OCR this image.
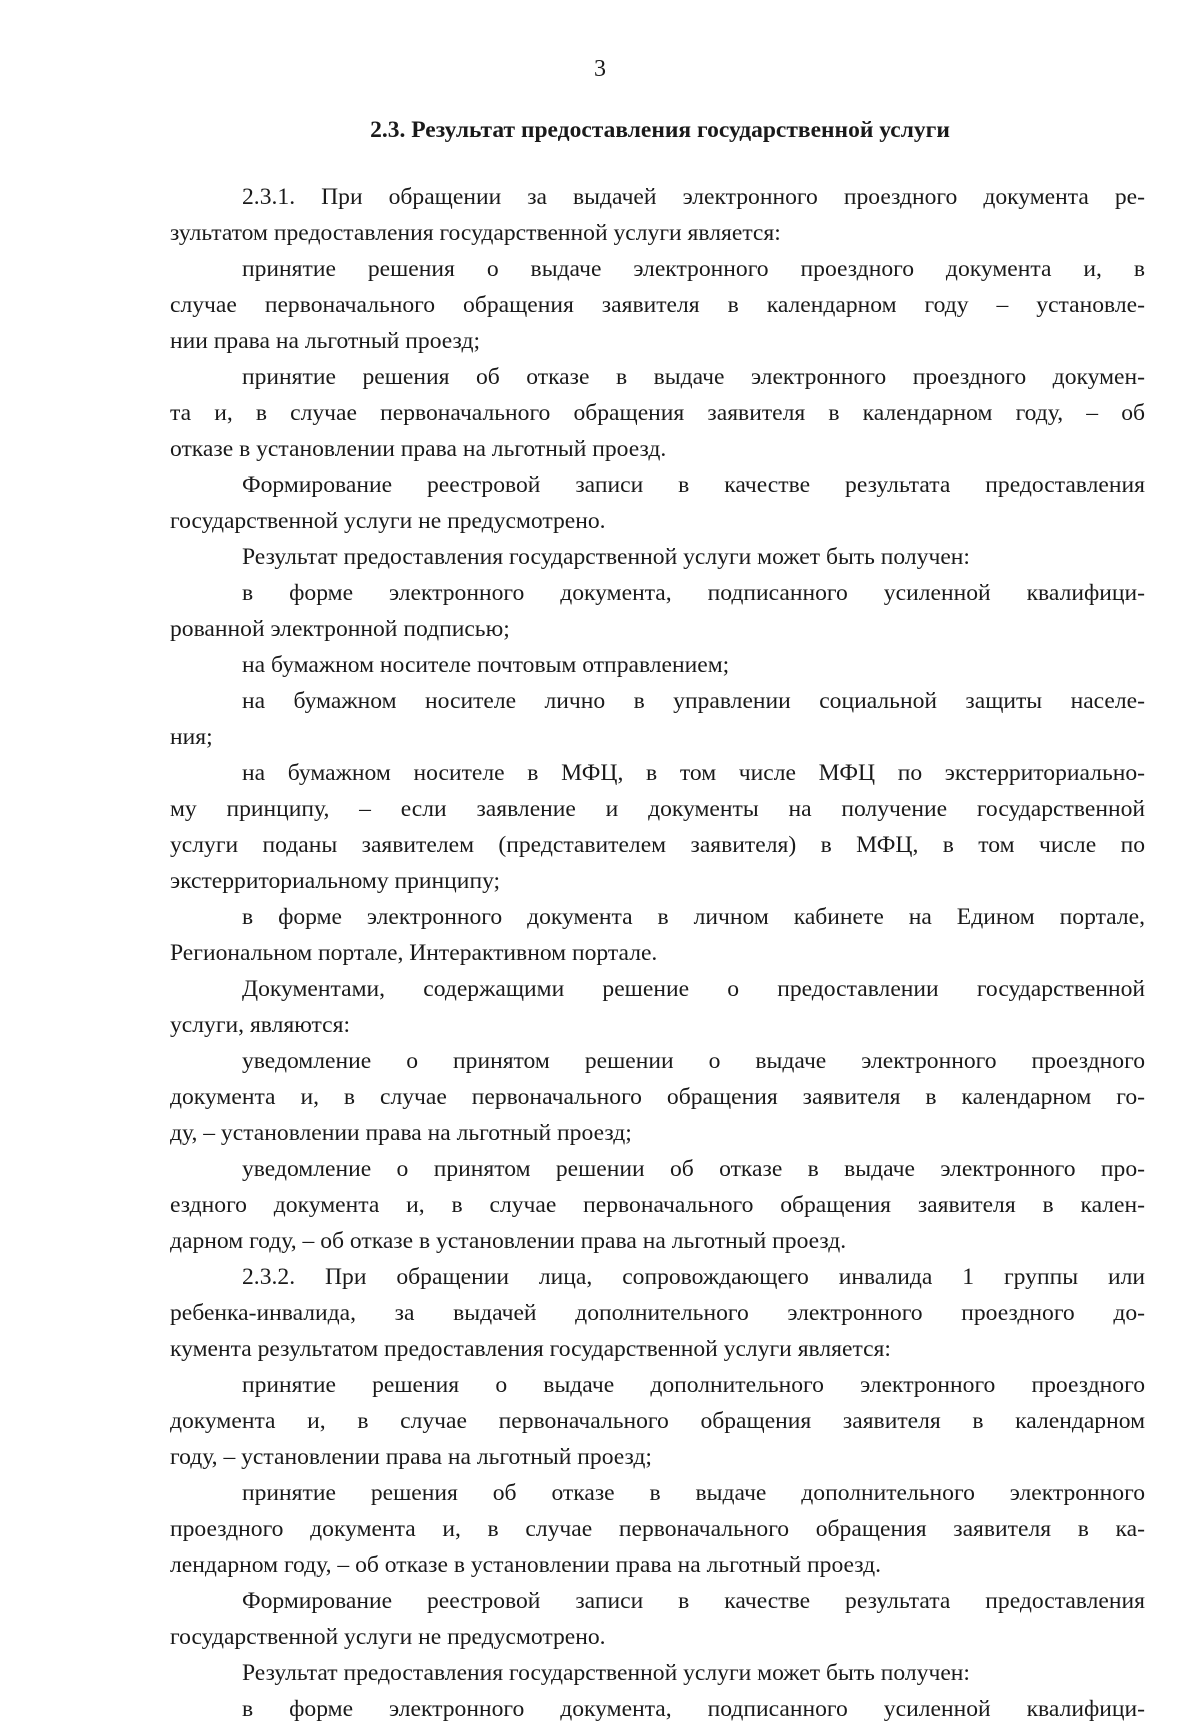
3
2.3. Результат предоставления государственной услуги
2.3.1. При обращении за выдачей электронного проездного документа ре-
зультатом предоставления государственной услуги является:
принятие решения о выдаче электронного проездного документа и, в
случае первоначального обращения заявителя в календарном году – установле-
нии права на льготный проезд;
принятие решения об отказе в выдаче электронного проездного докумен-
та и, в случае первоначального обращения заявителя в календарном году, – об
отказе в установлении права на льготный проезд.
Формирование реестровой записи в качестве результата предоставления
государственной услуги не предусмотрено.
Результат предоставления государственной услуги может быть получен:
в форме электронного документа, подписанного усиленной квалифици-
рованной электронной подписью;
на бумажном носителе почтовым отправлением;
на бумажном носителе лично в управлении социальной защиты населе-
ния;
на бумажном носителе в МФЦ, в том числе МФЦ по экстерриториально-
му принципу, – если заявление и документы на получение государственной
услуги поданы заявителем (представителем заявителя) в МФЦ, в том числе по
экстерриториальному принципу;
в форме электронного документа в личном кабинете на Едином портале,
Региональном портале, Интерактивном портале.
Документами, содержащими решение о предоставлении государственной
услуги, являются:
уведомление о принятом решении о выдаче электронного проездного
документа и, в случае первоначального обращения заявителя в календарном го-
ду, – установлении права на льготный проезд;
уведомление о принятом решении об отказе в выдаче электронного про-
ездного документа и, в случае первоначального обращения заявителя в кален-
дарном году, – об отказе в установлении права на льготный проезд.
2.3.2. При обращении лица, сопровождающего инвалида 1 группы или
ребенка-инвалида, за выдачей дополнительного электронного проездного до-
кумента результатом предоставления государственной услуги является:
принятие решения о выдаче дополнительного электронного проездного
документа и, в случае первоначального обращения заявителя в календарном
году, – установлении права на льготный проезд;
принятие решения об отказе в выдаче дополнительного электронного
проездного документа и, в случае первоначального обращения заявителя в ка-
лендарном году, – об отказе в установлении права на льготный проезд.
Формирование реестровой записи в качестве результата предоставления
государственной услуги не предусмотрено.
Результат предоставления государственной услуги может быть получен:
в форме электронного документа, подписанного усиленной квалифици-
